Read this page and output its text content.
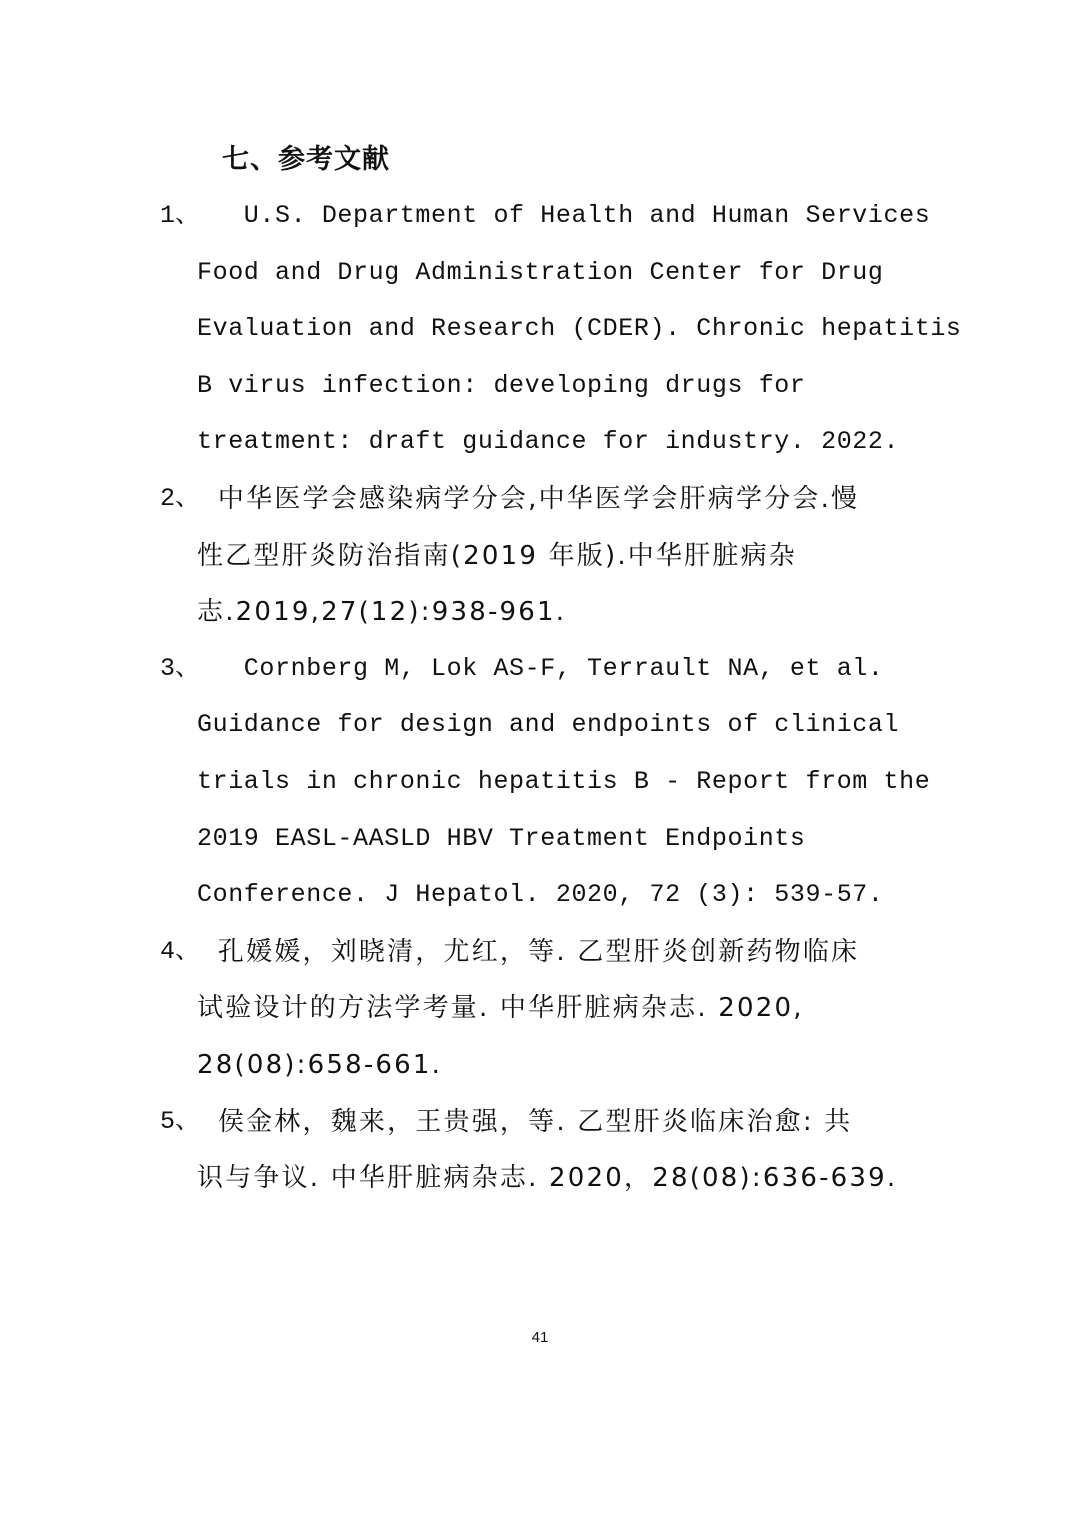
七、参考文献
1、
U.S. Department of Health and Human Services
Food and Drug Administration Center for Drug
Evaluation and Research (CDER). Chronic hepatitis
B virus infection: developing drugs for
treatment: draft guidance for industry. 2022.
2、
中华医学会感染病学分会,中华医学会肝病学分会.慢
性乙型肝炎防治指南(2019 年版).中华肝脏病杂
志.2019,27(12):938-961.
3、
Cornberg M, Lok AS-F, Terrault NA, et al.
Guidance for design and endpoints of clinical
trials in chronic hepatitis B - Report from the
2019 EASL-AASLD HBV Treatment Endpoints
Conference. J Hepatol. 2020, 72 (3): 539-57.
4、
孔媛媛，刘晓清，尤红，等. 乙型肝炎创新药物临床
试验设计的方法学考量. 中华肝脏病杂志. 2020,
28(08):658-661.
5、
侯金林，魏来，王贵强，等. 乙型肝炎临床治愈: 共
识与争议. 中华肝脏病杂志. 2020，28(08):636-639.
41
